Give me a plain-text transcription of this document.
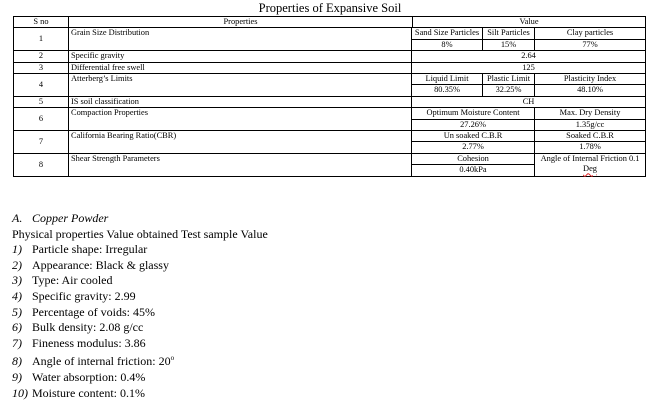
Properties of Expansive Soil
S no	Properties	Value		
1	Grain Size Distribution	Sand Size Particles	Silt Particles	Clay particles
		8%	15%	77%
2	Specific gravity	2.64		
3	Differential free swell	125		
4	Atterberg’s Limits	Liquid Limit	Plastic Limit	Plasticity Index
		80.35%	32.25%	48.10%
5	IS soil classification	CH		
6	Compaction Properties	Optimum Moisture Content		Max. Dry Density
		27.26%		1.35g/cc
7	California Bearing Ratio(CBR)	Un soaked C.B.R		Soaked C.B.R
		2.77%		1.78%
8	Shear Strength Parameters	Cohesion		Angle of Internal Friction 0.1 Deg
		0.40kPa		
A. Copper Powder
Physical properties Value obtained Test sample Value
1) Particle shape: Irregular
2) Appearance: Black & glassy
3) Type: Air cooled
4) Specific gravity: 2.99
5) Percentage of voids: 45%
6) Bulk density: 2.08 g/cc
7) Fineness modulus: 3.86
8) Angle of internal friction: 20$^o$
9) Water absorption: 0.4%
10) Moisture content: 0.1%
